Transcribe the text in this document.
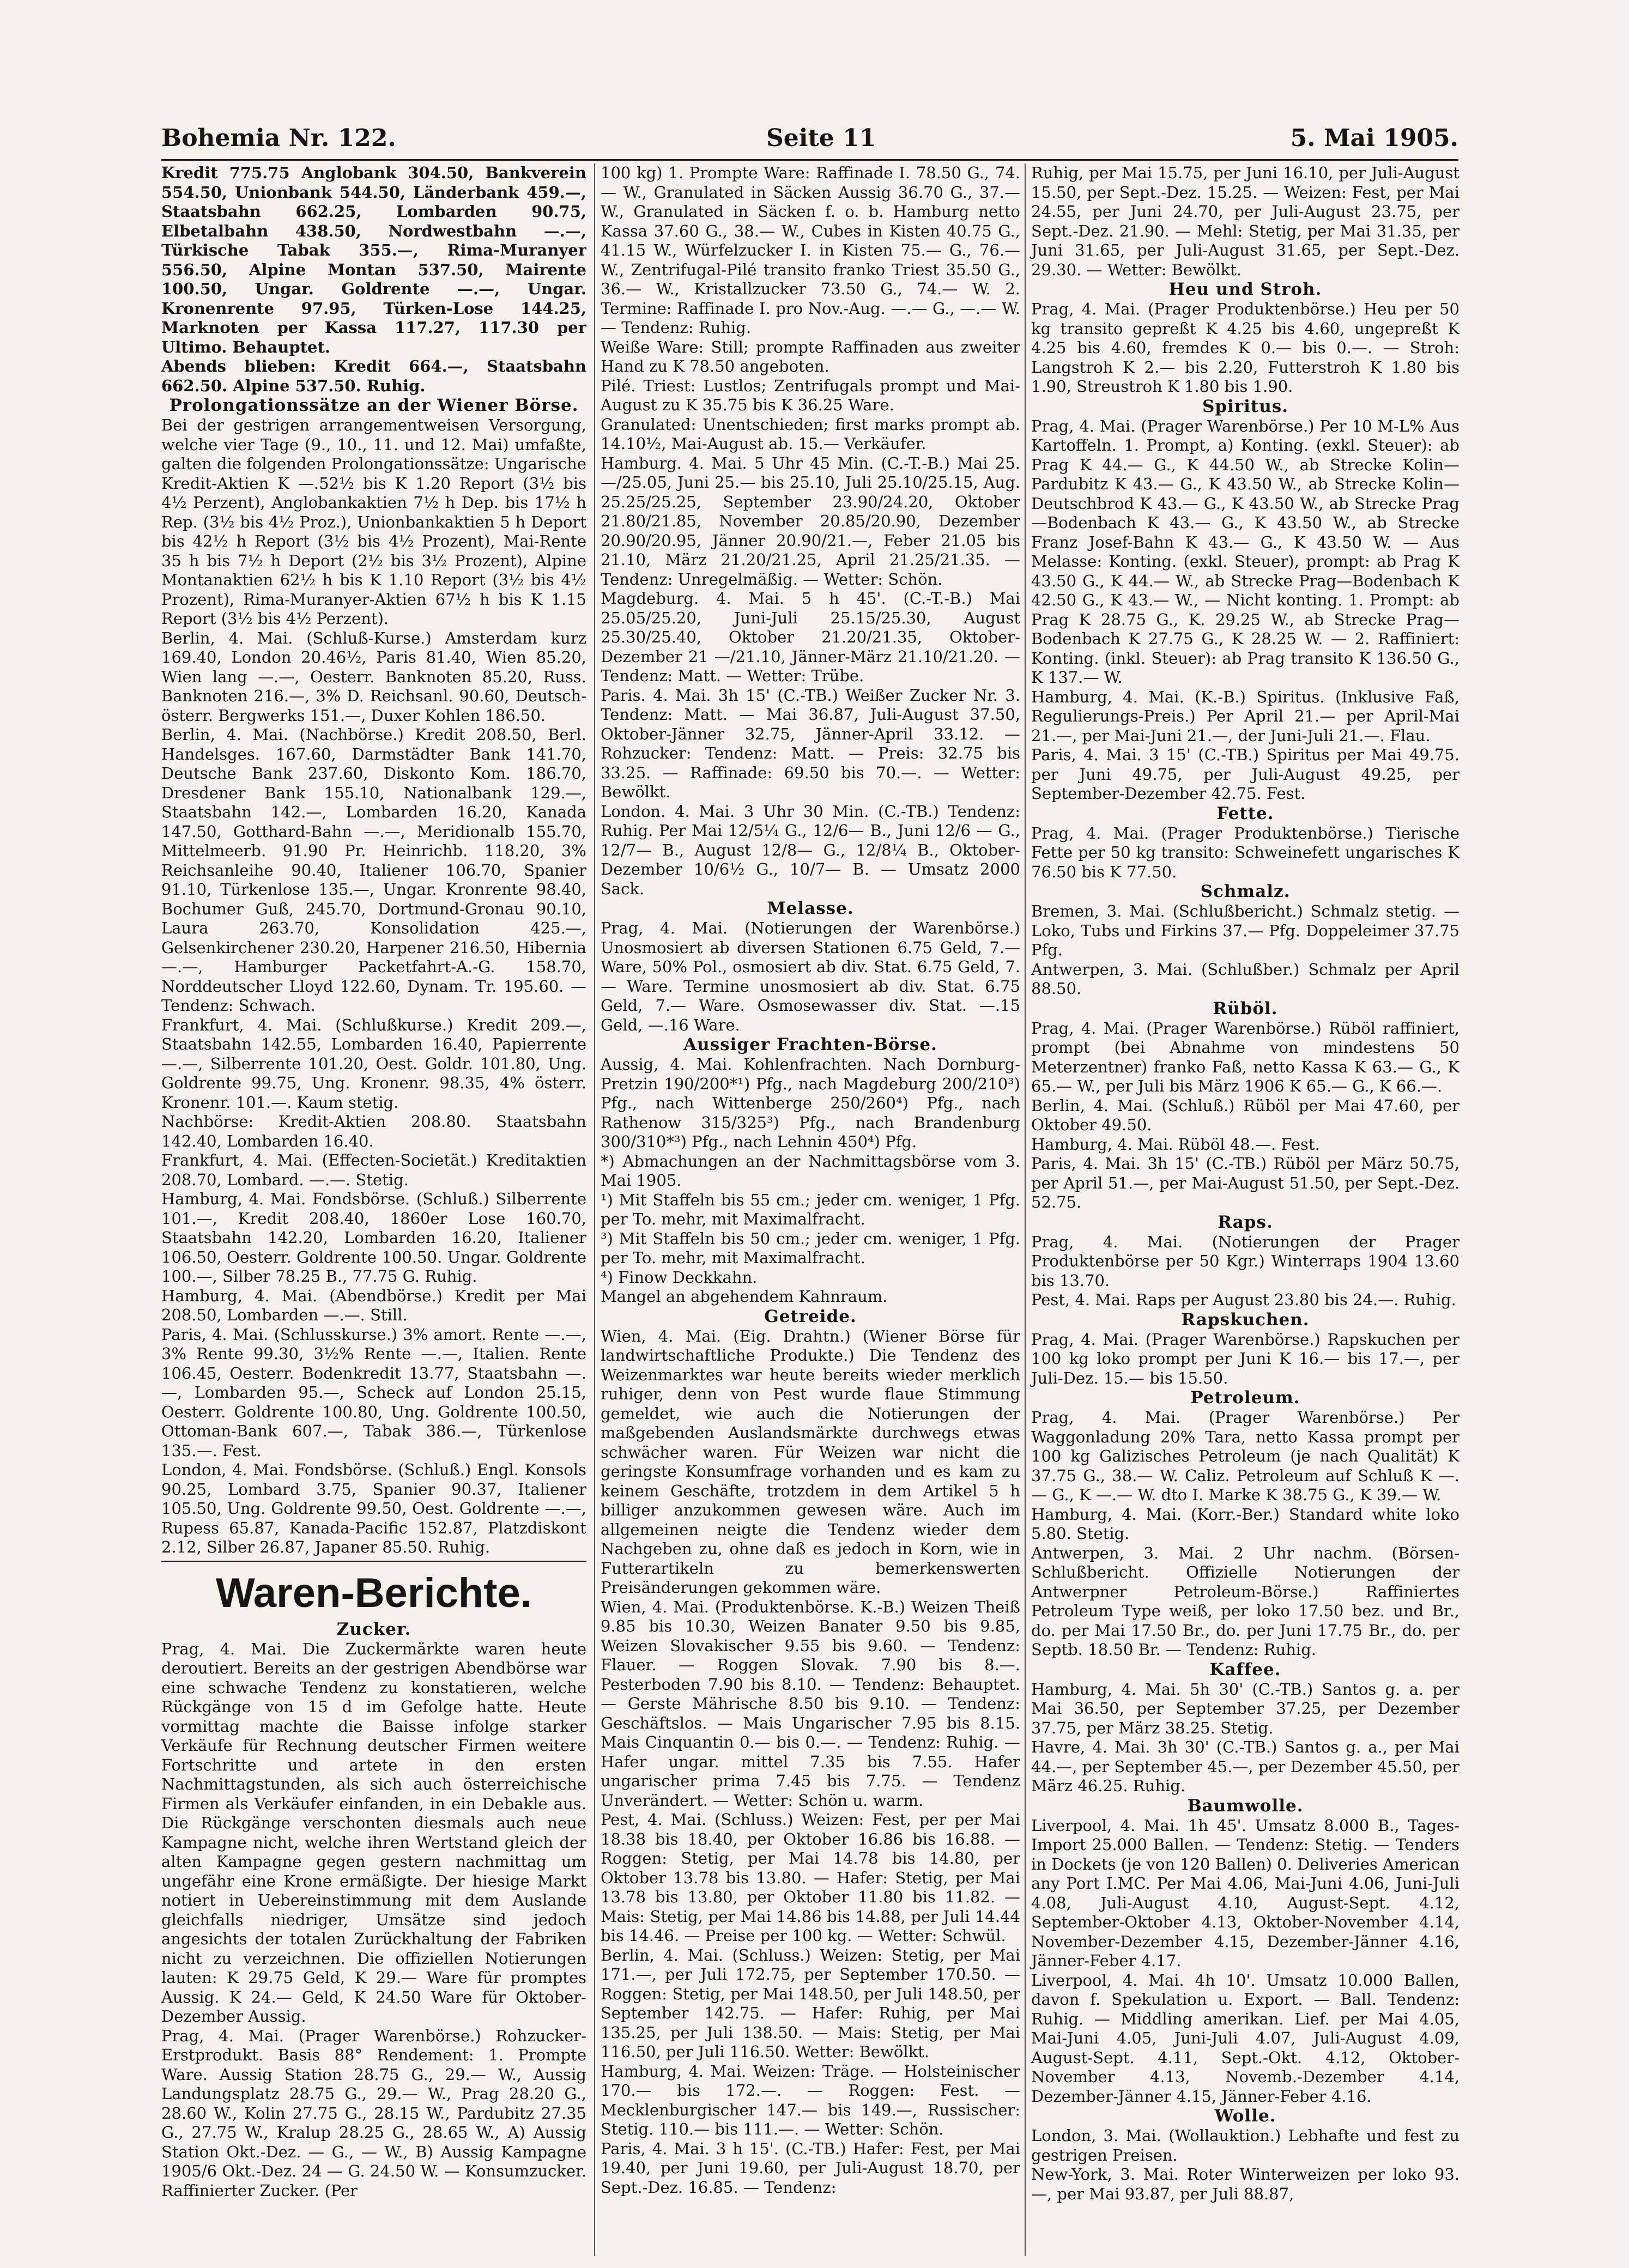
Bohemia Nr. 122.	Seite 11	5. Mai 1905.

Kredit 775.75 Anglobank 304.50, Bankverein 554.50, Unionbank 544.50, Länderbank 459.—, Staatsbahn 662.25, Lombarden 90.75, Elbetalbahn 438.50, Nordwestbahn —.—, Türkische Tabak 355.—, Rima-Muranyer 556.50, Alpine Montan 537.50, Mairente 100.50, Ungar. Goldrente —.—, Ungar. Kronenrente 97.95, Türken-Lose 144.25, Marknoten per Kassa 117.27, 117.30 per Ultimo. Behauptet.

Abends blieben: Kredit 664.—, Staatsbahn 662.50. Alpine 537.50. Ruhig.

Prolongationssätze an der Wiener Börse.

Bei der gestrigen arrangementweisen Versorgung, welche vier Tage (9., 10., 11. und 12. Mai) umfaßte, galten die folgenden Prolongationssätze: Ungarische Kredit-Aktien K —.52½ bis K 1.20 Report (3½ bis 4½ Perzent), Anglobankaktien 7½ h Dep. bis 17½ h Rep. (3½ bis 4½ Proz.), Unionbankaktien 5 h Deport bis 42½ h Report (3½ bis 4½ Prozent), Mai-Rente 35 h bis 7½ h Deport (2½ bis 3½ Prozent), Alpine Montanaktien 62½ h bis K 1.10 Report (3½ bis 4½ Prozent), Rima-Muranyer-Aktien 67½ h bis K 1.15 Report (3½ bis 4½ Perzent).

Berlin, 4. Mai. (Schluß-Kurse.) Amsterdam kurz 169.40, London 20.46½, Paris 81.40, Wien 85.20, Wien lang —.—, Oesterr. Banknoten 85.20, Russ. Banknoten 216.—, 3% D. Reichsanl. 90.60, Deutsch-österr. Bergwerks 151.—, Duxer Kohlen 186.50.

Berlin, 4. Mai. (Nachbörse.) Kredit 208.50, Berl. Handelsges. 167.60, Darmstädter Bank 141.70, Deutsche Bank 237.60, Diskonto Kom. 186.70, Dresdener Bank 155.10, Nationalbank 129.—, Staatsbahn 142.—, Lombarden 16.20, Kanada 147.50, Gotthard-Bahn —.—, Meridionalb 155.70, Mittelmeerb. 91.90 Pr. Heinrichb. 118.20, 3% Reichsanleihe 90.40, Italiener 106.70, Spanier 91.10, Türkenlose 135.—, Ungar. Kronrente 98.40, Bochumer Guß, 245.70, Dortmund-Gronau 90.10, Laura 263.70, Konsolidation 425.—, Gelsenkirchener 230.20, Harpener 216.50, Hibernia —.—, Hamburger Packetfahrt-A.-G. 158.70, Norddeutscher Lloyd 122.60, Dynam. Tr. 195.60. — Tendenz: Schwach.

Frankfurt, 4. Mai. (Schlußkurse.) Kredit 209.—, Staatsbahn 142.55, Lombarden 16.40, Papierrente —.—, Silberrente 101.20, Oest. Goldr. 101.80, Ung. Goldrente 99.75, Ung. Kronenr. 98.35, 4% österr. Kronenr. 101.—. Kaum stetig.

Nachbörse: Kredit-Aktien 208.80. Staatsbahn 142.40, Lombarden 16.40.

Frankfurt, 4. Mai. (Effecten-Societät.) Kreditaktien 208.70, Lombard. —.—. Stetig.

Hamburg, 4. Mai. Fondsbörse. (Schluß.) Silberrente 101.—, Kredit 208.40, 1860er Lose 160.70, Staatsbahn 142.20, Lombarden 16.20, Italiener 106.50, Oesterr. Goldrente 100.50. Ungar. Goldrente 100.—, Silber 78.25 B., 77.75 G. Ruhig.

Hamburg, 4. Mai. (Abendbörse.) Kredit per Mai 208.50, Lombarden —.—. Still.

Paris, 4. Mai. (Schlusskurse.) 3% amort. Rente —.—, 3% Rente 99.30, 3½% Rente —.—, Italien. Rente 106.45, Oesterr. Bodenkredit 13.77, Staatsbahn —.—, Lombarden 95.—, Scheck auf London 25.15, Oesterr. Goldrente 100.80, Ung. Goldrente 100.50, Ottoman-Bank 607.—, Tabak 386.—, Türkenlose 135.—. Fest.

London, 4. Mai. Fondsbörse. (Schluß.) Engl. Konsols 90.25, Lombard 3.75, Spanier 90.37, Italiener 105.50, Ung. Goldrente 99.50, Oest. Goldrente —.—, Rupess 65.87, Kanada-Pacific 152.87, Platzdiskont 2.12, Silber 26.87, Japaner 85.50. Ruhig.

Waren-Berichte.

Zucker.

Prag, 4. Mai. Die Zuckermärkte waren heute deroutiert. Bereits an der gestrigen Abendbörse war eine schwache Tendenz zu konstatieren, welche Rückgänge von 15 d im Gefolge hatte. Heute vormittag machte die Baisse infolge starker Verkäufe für Rechnung deutscher Firmen weitere Fortschritte und artete in den ersten Nachmittagstunden, als sich auch österreichische Firmen als Verkäufer einfanden, in ein Debakle aus. Die Rückgänge verschonten diesmals auch neue Kampagne nicht, welche ihren Wertstand gleich der alten Kampagne gegen gestern nachmittag um ungefähr eine Krone ermäßigte. Der hiesige Markt notiert in Uebereinstimmung mit dem Auslande gleichfalls niedriger, Umsätze sind jedoch angesichts der totalen Zurückhaltung der Fabriken nicht zu verzeichnen. Die offiziellen Notierungen lauten: K 29.75 Geld, K 29.— Ware für promptes Aussig. K 24.— Geld, K 24.50 Ware für Oktober-Dezember Aussig.

Prag, 4. Mai. (Prager Warenbörse.) Rohzucker-Erstprodukt. Basis 88° Rendement: 1. Prompte Ware. Aussig Station 28.75 G., 29.— W., Aussig Landungsplatz 28.75 G., 29.— W., Prag 28.20 G., 28.60 W., Kolin 27.75 G., 28.15 W., Pardubitz 27.35 G., 27.75 W., Kralup 28.25 G., 28.65 W., A) Aussig Station Okt.-Dez. — G., — W., B) Aussig Kampagne 1905/6 Okt.-Dez. 24 — G. 24.50 W. — Konsumzucker. Raffinierter Zucker. (Per

100 kg) 1. Prompte Ware: Raffinade I. 78.50 G., 74.— W., Granulated in Säcken Aussig 36.70 G., 37.— W., Granulated in Säcken f. o. b. Hamburg netto Kassa 37.60 G., 38.— W., Cubes in Kisten 40.75 G., 41.15 W., Würfelzucker I. in Kisten 75.— G., 76.— W., Zentrifugal-Pilé transito franko Triest 35.50 G., 36.— W., Kristallzucker 73.50 G., 74.— W. 2. Termine: Raffinade I. pro Nov.-Aug. —.— G., —.— W. — Tendenz: Ruhig.

Weiße Ware: Still; prompte Raffinaden aus zweiter Hand zu K 78.50 angeboten.

Pilé. Triest: Lustlos; Zentrifugals prompt und Mai-August zu K 35.75 bis K 36.25 Ware.

Granulated: Unentschieden; first marks prompt ab. 14.10½, Mai-August ab. 15.— Verkäufer.

Hamburg. 4. Mai. 5 Uhr 45 Min. (C.-T.-B.) Mai 25.—/25.05, Juni 25.— bis 25.10, Juli 25.10/25.15, Aug. 25.25/25.25, September 23.90/24.20, Oktober 21.80/21.85, November 20.85/20.90, Dezember 20.90/20.95, Jänner 20.90/21.—, Feber 21.05 bis 21.10, März 21.20/21.25, April 21.25/21.35. — Tendenz: Unregelmäßig. — Wetter: Schön.

Magdeburg. 4. Mai. 5 h 45'. (C.-T.-B.) Mai 25.05/25.20, Juni-Juli 25.15/25.30, August 25.30/25.40, Oktober 21.20/21.35, Oktober-Dezember 21 —/21.10, Jänner-März 21.10/21.20. — Tendenz: Matt. — Wetter: Trübe.

Paris. 4. Mai. 3h 15' (C.-TB.) Weißer Zucker Nr. 3. Tendenz: Matt. — Mai 36.87, Juli-August 37.50, Oktober-Jänner 32.75, Jänner-April 33.12. — Rohzucker: Tendenz: Matt. — Preis: 32.75 bis 33.25. — Raffinade: 69.50 bis 70.—. — Wetter: Bewölkt.

London. 4. Mai. 3 Uhr 30 Min. (C.-TB.) Tendenz: Ruhig. Per Mai 12/5¼ G., 12/6— B., Juni 12/6 — G., 12/7— B., August 12/8— G., 12/8¼ B., Oktober-Dezember 10/6½ G., 10/7— B. — Umsatz 2000 Sack.

Melasse.

Prag, 4. Mai. (Notierungen der Warenbörse.) Unosmosiert ab diversen Stationen 6.75 Geld, 7.— Ware, 50% Pol., osmosiert ab div. Stat. 6.75 Geld, 7.— Ware. Termine unosmosiert ab div. Stat. 6.75 Geld, 7.— Ware. Osmosewasser div. Stat. —.15 Geld, —.16 Ware.

Aussiger Frachten-Börse.

Aussig, 4. Mai. Kohlenfrachten. Nach Dornburg-Pretzin 190/200*¹) Pfg., nach Magdeburg 200/210³) Pfg., nach Wittenberge 250/260⁴) Pfg., nach Rathenow 315/325³) Pfg., nach Brandenburg 300/310*³) Pfg., nach Lehnin 450⁴) Pfg.

*) Abmachungen an der Nachmittagsbörse vom 3. Mai 1905.
¹) Mit Staffeln bis 55 cm.; jeder cm. weniger, 1 Pfg. per To. mehr, mit Maximalfracht.
³) Mit Staffeln bis 50 cm.; jeder cm. weniger, 1 Pfg. per To. mehr, mit Maximalfracht.
⁴) Finow Deckkahn.
Mangel an abgehendem Kahnraum.

Getreide.

Wien, 4. Mai. (Eig. Drahtn.) (Wiener Börse für landwirtschaftliche Produkte.) Die Tendenz des Weizenmarktes war heute bereits wieder merklich ruhiger, denn von Pest wurde flaue Stimmung gemeldet, wie auch die Notierungen der maßgebenden Auslandsmärkte durchwegs etwas schwächer waren. Für Weizen war nicht die geringste Konsumfrage vorhanden und es kam zu keinem Geschäfte, trotzdem in dem Artikel 5 h billiger anzukommen gewesen wäre. Auch im allgemeinen neigte die Tendenz wieder dem Nachgeben zu, ohne daß es jedoch in Korn, wie in Futterartikeln zu bemerkenswerten Preisänderungen gekommen wäre.

Wien, 4. Mai. (Produktenbörse. K.-B.) Weizen Theiß 9.85 bis 10.30, Weizen Banater 9.50 bis 9.85, Weizen Slovakischer 9.55 bis 9.60. — Tendenz: Flauer. — Roggen Slovak. 7.90 bis 8.—. Pesterboden 7.90 bis 8.10. — Tendenz: Behauptet. — Gerste Mährische 8.50 bis 9.10. — Tendenz: Geschäftslos. — Mais Ungarischer 7.95 bis 8.15. Mais Cinquantin 0.— bis 0.—. — Tendenz: Ruhig. — Hafer ungar. mittel 7.35 bis 7.55. Hafer ungarischer prima 7.45 bis 7.75. — Tendenz Unverändert. — Wetter: Schön u. warm.

Pest, 4. Mai. (Schluss.) Weizen: Fest, per per Mai 18.38 bis 18.40, per Oktober 16.86 bis 16.88. — Roggen: Stetig, per Mai 14.78 bis 14.80, per Oktober 13.78 bis 13.80. — Hafer: Stetig, per Mai 13.78 bis 13.80, per Oktober 11.80 bis 11.82. — Mais: Stetig, per Mai 14.86 bis 14.88, per Juli 14.44 bis 14.46. — Preise per 100 kg. — Wetter: Schwül.

Berlin, 4. Mai. (Schluss.) Weizen: Stetig, per Mai 171.—, per Juli 172.75, per September 170.50. — Roggen: Stetig, per Mai 148.50, per Juli 148.50, per September 142.75. — Hafer: Ruhig, per Mai 135.25, per Juli 138.50. — Mais: Stetig, per Mai 116.50, per Juli 116.50. Wetter: Bewölkt.

Hamburg, 4. Mai. Weizen: Träge. — Holsteinischer 170.— bis 172.—. — Roggen: Fest. — Mecklenburgischer 147.— bis 149.—, Russischer: Stetig. 110.— bis 111.—. — Wetter: Schön.

Paris, 4. Mai. 3 h 15'. (C.-TB.) Hafer: Fest, per Mai 19.40, per Juni 19.60, per Juli-August 18.70, per Sept.-Dez. 16.85. — Tendenz:

Ruhig, per Mai 15.75, per Juni 16.10, per Juli-August 15.50, per Sept.-Dez. 15.25. — Weizen: Fest, per Mai 24.55, per Juni 24.70, per Juli-August 23.75, per Sept.-Dez. 21.90. — Mehl: Stetig, per Mai 31.35, per Juni 31.65, per Juli-August 31.65, per Sept.-Dez. 29.30. — Wetter: Bewölkt.

Heu und Stroh.

Prag, 4. Mai. (Prager Produktenbörse.) Heu per 50 kg transito gepreßt K 4.25 bis 4.60, ungepreßt K 4.25 bis 4.60, fremdes K 0.— bis 0.—. — Stroh: Langstroh K 2.— bis 2.20, Futterstroh K 1.80 bis 1.90, Streustroh K 1.80 bis 1.90.

Spiritus.

Prag, 4. Mai. (Prager Warenbörse.) Per 10 M-L% Aus Kartoffeln. 1. Prompt, a) Konting. (exkl. Steuer): ab Prag K 44.— G., K 44.50 W., ab Strecke Kolin—Pardubitz K 43.— G., K 43.50 W., ab Strecke Kolin—Deutschbrod K 43.— G., K 43.50 W., ab Strecke Prag—Bodenbach K 43.— G., K 43.50 W., ab Strecke Franz Josef-Bahn K 43.— G., K 43.50 W. — Aus Melasse: Konting. (exkl. Steuer), prompt: ab Prag K 43.50 G., K 44.— W., ab Strecke Prag—Bodenbach K 42.50 G., K 43.— W., — Nicht konting. 1. Prompt: ab Prag K 28.75 G., K. 29.25 W., ab Strecke Prag—Bodenbach K 27.75 G., K 28.25 W. — 2. Raffiniert: Konting. (inkl. Steuer): ab Prag transito K 136.50 G., K 137.— W.

Hamburg, 4. Mai. (K.-B.) Spiritus. (Inklusive Faß, Regulierungs-Preis.) Per April 21.— per April-Mai 21.—, per Mai-Juni 21.—, der Juni-Juli 21.—. Flau.

Paris, 4. Mai. 3 15' (C.-TB.) Spiritus per Mai 49.75. per Juni 49.75, per Juli-August 49.25, per September-Dezember 42.75. Fest.

Fette.

Prag, 4. Mai. (Prager Produktenbörse.) Tierische Fette per 50 kg transito: Schweinefett ungarisches K 76.50 bis K 77.50.

Schmalz.

Bremen, 3. Mai. (Schlußbericht.) Schmalz stetig. — Loko, Tubs und Firkins 37.— Pfg. Doppeleimer 37.75 Pfg.

Antwerpen, 3. Mai. (Schlußber.) Schmalz per April 88.50.

Rüböl.

Prag, 4. Mai. (Prager Warenbörse.) Rüböl raffiniert, prompt (bei Abnahme von mindestens 50 Meterzentner) franko Faß, netto Kassa K 63.— G., K 65.— W., per Juli bis März 1906 K 65.— G., K 66.—.

Berlin, 4. Mai. (Schluß.) Rüböl per Mai 47.60, per Oktober 49.50.

Hamburg, 4. Mai. Rüböl 48.—. Fest.

Paris, 4. Mai. 3h 15' (C.-TB.) Rüböl per März 50.75, per April 51.—, per Mai-August 51.50, per Sept.-Dez. 52.75.

Raps.

Prag, 4. Mai. (Notierungen der Prager Produktenbörse per 50 Kgr.) Winterraps 1904 13.60 bis 13.70.

Pest, 4. Mai. Raps per August 23.80 bis 24.—. Ruhig.

Rapskuchen.

Prag, 4. Mai. (Prager Warenbörse.) Rapskuchen per 100 kg loko prompt per Juni K 16.— bis 17.—, per Juli-Dez. 15.— bis 15.50.

Petroleum.

Prag, 4. Mai. (Prager Warenbörse.) Per Waggonladung 20% Tara, netto Kassa prompt per 100 kg Galizisches Petroleum (je nach Qualität) K 37.75 G., 38.— W. Caliz. Petroleum auf Schluß K —.— G., K —.— W. dto I. Marke K 38.75 G., K 39.— W.

Hamburg, 4. Mai. (Korr.-Ber.) Standard white loko 5.80. Stetig.

Antwerpen, 3. Mai. 2 Uhr nachm. (Börsen-Schlußbericht. Offizielle Notierungen der Antwerpner Petroleum-Börse.) Raffiniertes Petroleum Type weiß, per loko 17.50 bez. und Br., do. per Mai 17.50 Br., do. per Juni 17.75 Br., do. per Septb. 18.50 Br. — Tendenz: Ruhig.

Kaffee.

Hamburg, 4. Mai. 5h 30' (C.-TB.) Santos g. a. per Mai 36.50, per September 37.25, per Dezember 37.75, per März 38.25. Stetig.

Havre, 4. Mai. 3h 30' (C.-TB.) Santos g. a., per Mai 44.—, per September 45.—, per Dezember 45.50, per März 46.25. Ruhig.

Baumwolle.

Liverpool, 4. Mai. 1h 45'. Umsatz 8.000 B., Tages-Import 25.000 Ballen. — Tendenz: Stetig. — Tenders in Dockets (je von 120 Ballen) 0. Deliveries American any Port I.MC. Per Mai 4.06, Mai-Juni 4.06, Juni-Juli 4.08, Juli-August 4.10, August-Sept. 4.12, September-Oktober 4.13, Oktober-November 4.14, November-Dezember 4.15, Dezember-Jänner 4.16, Jänner-Feber 4.17.

Liverpool, 4. Mai. 4h 10'. Umsatz 10.000 Ballen, davon f. Spekulation u. Export. — Ball. Tendenz: Ruhig. — Middling amerikan. Lief. per Mai 4.05, Mai-Juni 4.05, Juni-Juli 4.07, Juli-August 4.09, August-Sept. 4.11, Sept.-Okt. 4.12, Oktober-November 4.13, Novemb.-Dezember 4.14, Dezember-Jänner 4.15, Jänner-Feber 4.16.

Wolle.

London, 3. Mai. (Wollauktion.) Lebhafte und fest zu gestrigen Preisen.

New-York, 3. Mai. Roter Winterweizen per loko 93.—, per Mai 93.87, per Juli 88.87,
